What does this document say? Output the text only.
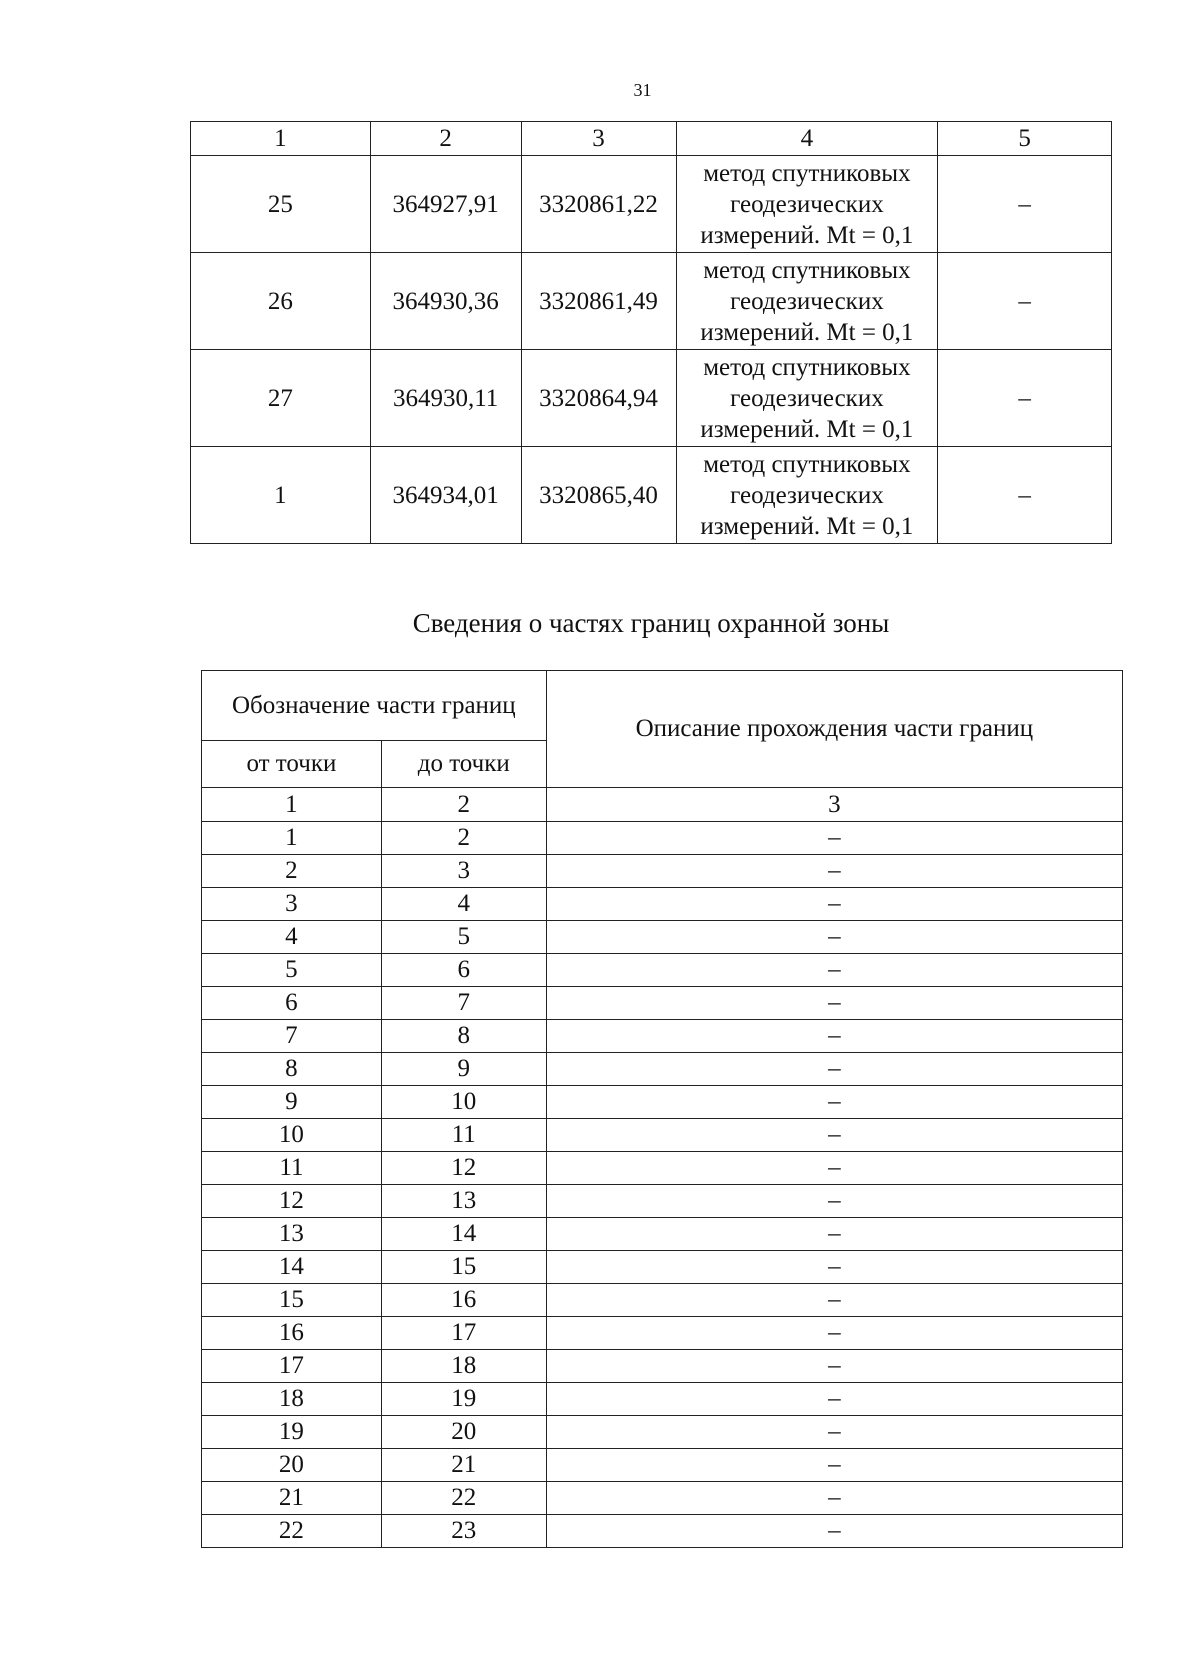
31
1	2	3	4	5
25	364927,91	3320861,22	метод спутниковых
геодезических
измерений. Mt = 0,1	–
26	364930,36	3320861,49	метод спутниковых
геодезических
измерений. Mt = 0,1	–
27	364930,11	3320864,94	метод спутниковых
геодезических
измерений. Mt = 0,1	–
1	364934,01	3320865,40	метод спутниковых
геодезических
измерений. Mt = 0,1	–
Сведения о частях границ охранной зоны
Обозначение части границ		Описание прохождения части границ
от точки	до точки	
1	2	3
1	2	–
2	3	–
3	4	–
4	5	–
5	6	–
6	7	–
7	8	–
8	9	–
9	10	–
10	11	–
11	12	–
12	13	–
13	14	–
14	15	–
15	16	–
16	17	–
17	18	–
18	19	–
19	20	–
20	21	–
21	22	–
22	23	–
